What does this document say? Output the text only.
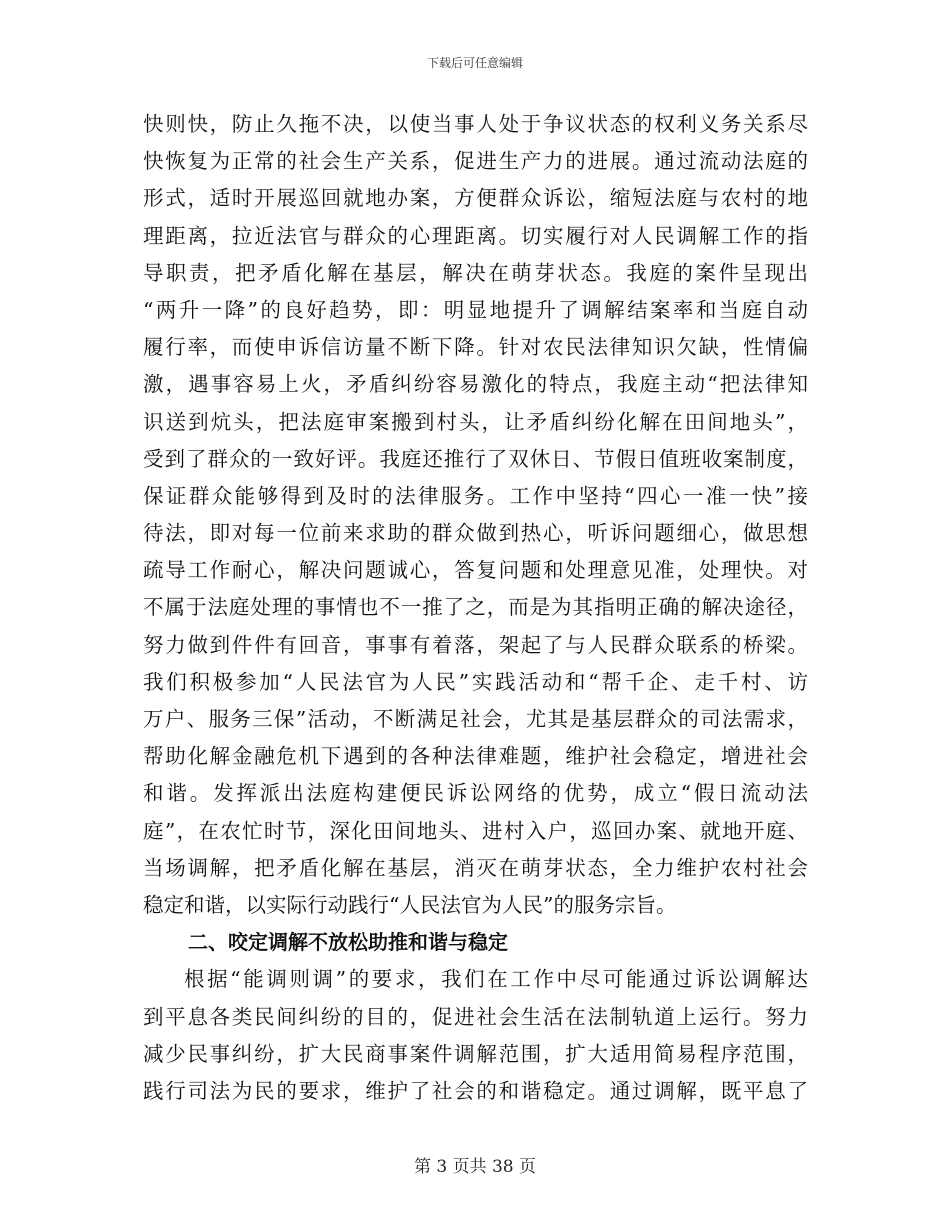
下载后可任意编辑
快则快，防止久拖不决，以使当事人处于争议状态的权利义务关系尽
快恢复为正常的社会生产关系，促进生产力的进展。通过流动法庭的
形式，适时开展巡回就地办案，方便群众诉讼，缩短法庭与农村的地
理距离，拉近法官与群众的心理距离。切实履行对人民调解工作的指
导职责，把矛盾化解在基层，解决在萌芽状态。我庭的案件呈现出
“两升一降”的良好趋势，即：明显地提升了调解结案率和当庭自动
履行率，而使申诉信访量不断下降。针对农民法律知识欠缺，性情偏
激，遇事容易上火，矛盾纠纷容易激化的特点，我庭主动“把法律知
识送到炕头，把法庭审案搬到村头，让矛盾纠纷化解在田间地头”，
受到了群众的一致好评。我庭还推行了双休日、节假日值班收案制度，
保证群众能够得到及时的法律服务。工作中坚持“四心一准一快”接
待法，即对每一位前来求助的群众做到热心，听诉问题细心，做思想
疏导工作耐心，解决问题诚心，答复问题和处理意见准，处理快。对
不属于法庭处理的事情也不一推了之，而是为其指明正确的解决途径，
努力做到件件有回音，事事有着落，架起了与人民群众联系的桥梁。
我们积极参加“人民法官为人民”实践活动和“帮千企、走千村、访
万户、服务三保”活动，不断满足社会，尤其是基层群众的司法需求，
帮助化解金融危机下遇到的各种法律难题，维护社会稳定，增进社会
和谐。发挥派出法庭构建便民诉讼网络的优势，成立“假日流动法
庭”，在农忙时节，深化田间地头、进村入户，巡回办案、就地开庭、
当场调解，把矛盾化解在基层，消灭在萌芽状态，全力维护农村社会
稳定和谐，以实际行动践行“人民法官为人民”的服务宗旨。
二、咬定调解不放松助推和谐与稳定
根据“能调则调”的要求，我们在工作中尽可能通过诉讼调解达
到平息各类民间纠纷的目的，促进社会生活在法制轨道上运行。努力
减少民事纠纷，扩大民商事案件调解范围，扩大适用简易程序范围，
践行司法为民的要求，维护了社会的和谐稳定。通过调解，既平息了
第 3 页共 38 页
